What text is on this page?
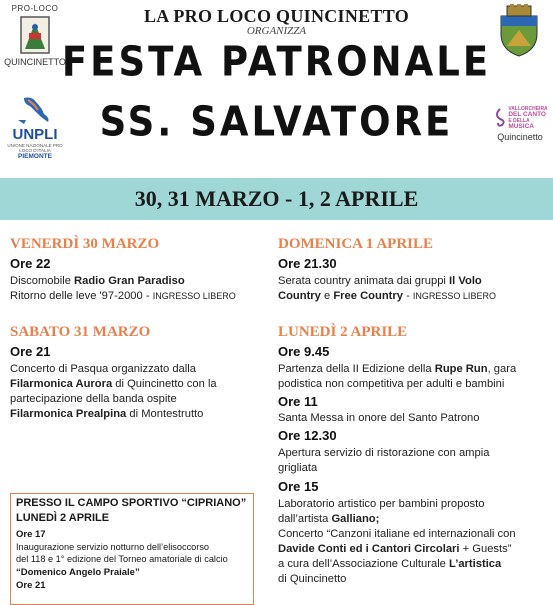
LA PRO LOCO QUINCINETTO
ORGANIZZA
FESTA PATRONALE
SS. SALVATORE
PRO-LOCO
QUINCINETTO
UNPLI
UNIONE NAZIONALE PRO LOCO D'ITALIA
PIEMONTE
VALLORCHEIRA
DEL CANTO
E DELLA
MUSICA
Quincinetto
30, 31 MARZO - 1, 2 APRILE
VENERDÌ 30 MARZO
Ore 22
Discomobile Radio Gran Paradiso
Ritorno delle leve '97-2000 - INGRESSO LIBERO
SABATO 31 MARZO
Ore 21
Concerto di Pasqua organizzato dalla
Filarmonica Aurora di Quincinetto con la
partecipazione della banda ospite
Filarmonica Prealpina di Montestrutto
PRESSO IL CAMPO SPORTIVO “CIPRIANO”
LUNEDÌ 2 APRILE
Ore 17
Inaugurazione servizio notturno dell’elisoccorso
del 118 e 1° edizione del Torneo amatoriale di calcio
“Domenico Angelo Praiale”
Ore 21
DOMENICA 1 APRILE
Ore 21.30
Serata country animata dai gruppi Il Volo
Country e Free Country - INGRESSO LIBERO
LUNEDÌ 2 APRILE
Ore 9.45
Partenza della II Edizione della Rupe Run, gara
podistica non competitiva per adulti e bambini
Ore 11
Santa Messa in onore del Santo Patrono
Ore 12.30
Apertura servizio di ristorazione con ampia
grigliata
Ore 15
Laboratorio artistico per bambini proposto
dall’artista Galliano;
Concerto “Canzoni italiane ed internazionali con
Davide Conti ed i Cantori Circolari + Guests”
a cura dell’Associazione Culturale L’artistica
di Quincinetto
